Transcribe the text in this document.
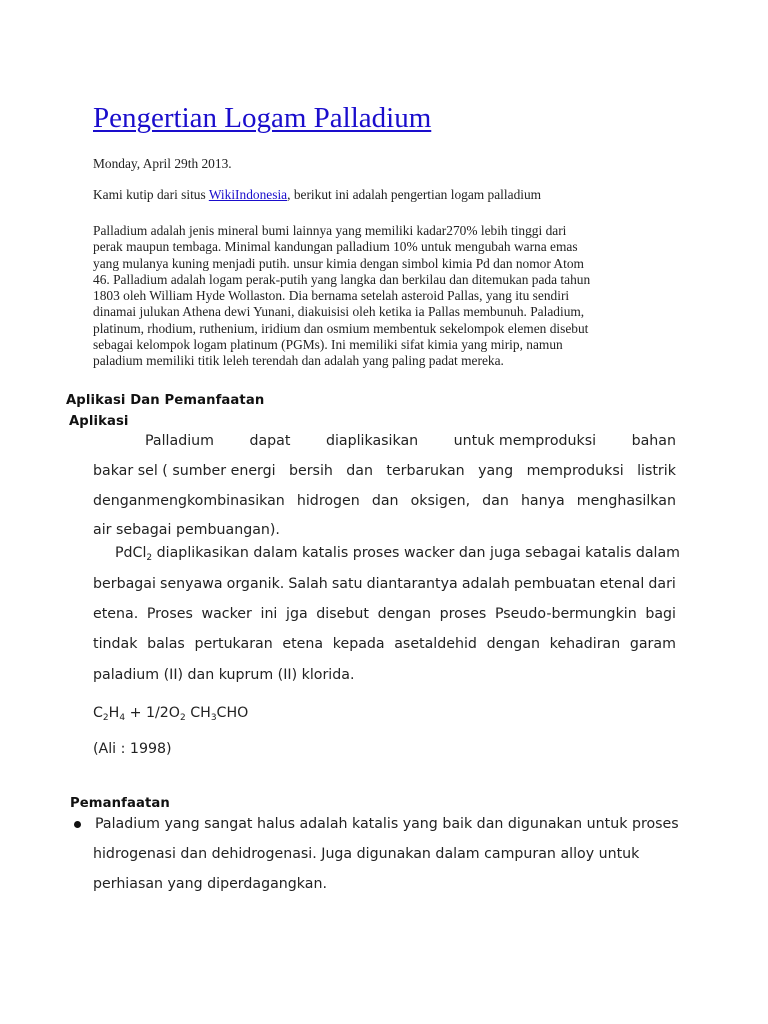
Pengertian Logam Palladium
Monday, April 29th 2013.
Kami kutip dari situs WikiIndonesia, berikut ini adalah pengertian logam palladium
Palladium adalah jenis mineral bumi lainnya yang memiliki kadar270% lebih tinggi dari
perak maupun tembaga. Minimal kandungan palladium 10% untuk mengubah warna emas
yang mulanya kuning menjadi putih. unsur kimia dengan simbol kimia Pd dan nomor Atom
46. Palladium adalah logam perak-putih yang langka dan berkilau dan ditemukan pada tahun
1803 oleh William Hyde Wollaston. Dia bernama setelah asteroid Pallas, yang itu sendiri
dinamai julukan Athena dewi Yunani, diakuisisi oleh ketika ia Pallas membunuh. Paladium,
platinum, rhodium, ruthenium, iridium dan osmium membentuk sekelompok elemen disebut
sebagai kelompok logam platinum (PGMs). Ini memiliki sifat kimia yang mirip, namun
paladium memiliki titik leleh terendah dan adalah yang paling padat mereka.
Aplikasi Dan Pemanfaatan
Aplikasi
Palladium	dapat	diaplikasikan	untuk memproduksi	bahan
bakar sel ( sumber energi bersih dan terbarukan yang memproduksi listrik
denganmengkombinasikan hidrogen dan oksigen, dan hanya menghasilkan
air sebagai pembuangan).
PdCl$_2$ diaplikasikan dalam katalis proses wacker dan juga sebagai katalis dalam
berbagai senyawa organik. Salah satu diantarantya adalah pembuatan etenal dari
etena. Proses wacker ini jga disebut dengan proses Pseudo-bermungkin bagi
tindak balas pertukaran etena kepada asetaldehid dengan kehadiran garam
paladium (II) dan kuprum (II) klorida.
$C_2H_4 + 1/2O_2$ $CH_3CHO$
(Ali : 1998)
Pemanfaatan
Paladium yang sangat halus adalah katalis yang baik dan digunakan untuk proses
hidrogenasi dan dehidrogenasi. Juga digunakan dalam campuran alloy untuk
perhiasan yang diperdagangkan.
